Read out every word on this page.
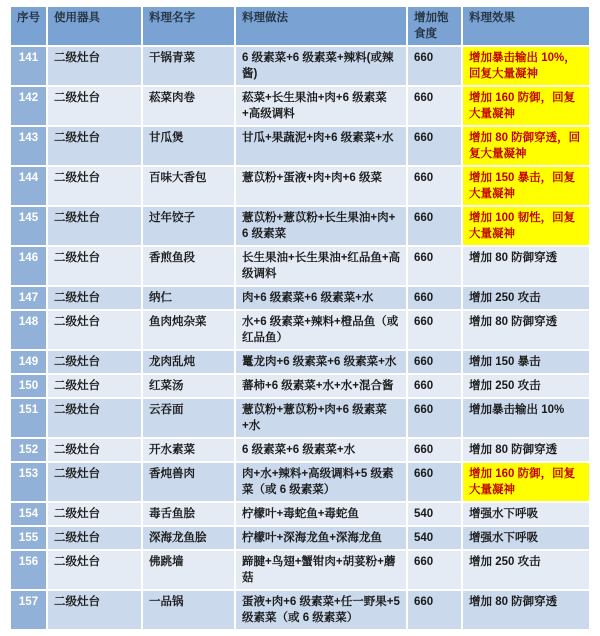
序号	使用器具	料理名字	料理做法	增加饱食度	料理效果
141	二级灶台	干锅青菜	6 级素菜+6 级素菜+辣料(或辣酱)	660	增加暴击输出 10%，回复大量凝神
142	二级灶台	菘菜肉卷	菘菜+长生果油+肉+6 级素菜+高级调料	660	增加 160 防御，回复大量凝神
143	二级灶台	甘瓜煲	甘瓜+果蔬泥+肉+6 级素菜+水	660	增加 80 防御穿透，回复大量凝神
144	二级灶台	百味大香包	薏苡粉+蛋液+肉+肉+6 级菜	660	增加 150 暴击，回复大量凝神
145	二级灶台	过年饺子	薏苡粉+薏苡粉+长生果油+肉+6 级素菜	660	增加 100 韧性，回复大量凝神
146	二级灶台	香煎鱼段	长生果油+长生果油+红品鱼+高级调料	660	增加 80 防御穿透
147	二级灶台	纳仁	肉+6 级素菜+6 级素菜+水	660	增加 250 攻击
148	二级灶台	鱼肉炖杂菜	水+6 级素菜+辣料+橙品鱼（或红品鱼）	660	增加 80 防御穿透
149	二级灶台	龙肉乱炖	鼍龙肉+6 级素菜+6 级素菜+水	660	增加 150 暴击
150	二级灶台	红菜汤	蕃柿+6 级素菜+水+水+混合酱	660	增加 250 攻击
151	二级灶台	云吞面	薏苡粉+薏苡粉+肉+6 级素菜+水	660	增加暴击输出 10%
152	二级灶台	开水素菜	6 级素菜+6 级素菜+水	660	增加 80 防御穿透
153	二级灶台	香炖兽肉	肉+水+辣料+高级调料+5 级素菜（或 6 级素菜）	660	增加 160 防御，回复大量凝神
154	二级灶台	毒舌鱼脍	柠檬叶+毒蛇鱼+毒蛇鱼	540	增强水下呼吸
155	二级灶台	深海龙鱼脍	柠檬叶+深海龙鱼+深海龙鱼	540	增强水下呼吸
156	二级灶台	佛跳墙	蹄腱+鸟翅+蟹钳肉+胡荽粉+蘑菇	660	增加 250 攻击
157	二级灶台	一品锅	蛋液+肉+6 级素菜+任一野果+5 级素菜（或 6 级素菜）	660	增加 80 防御穿透
